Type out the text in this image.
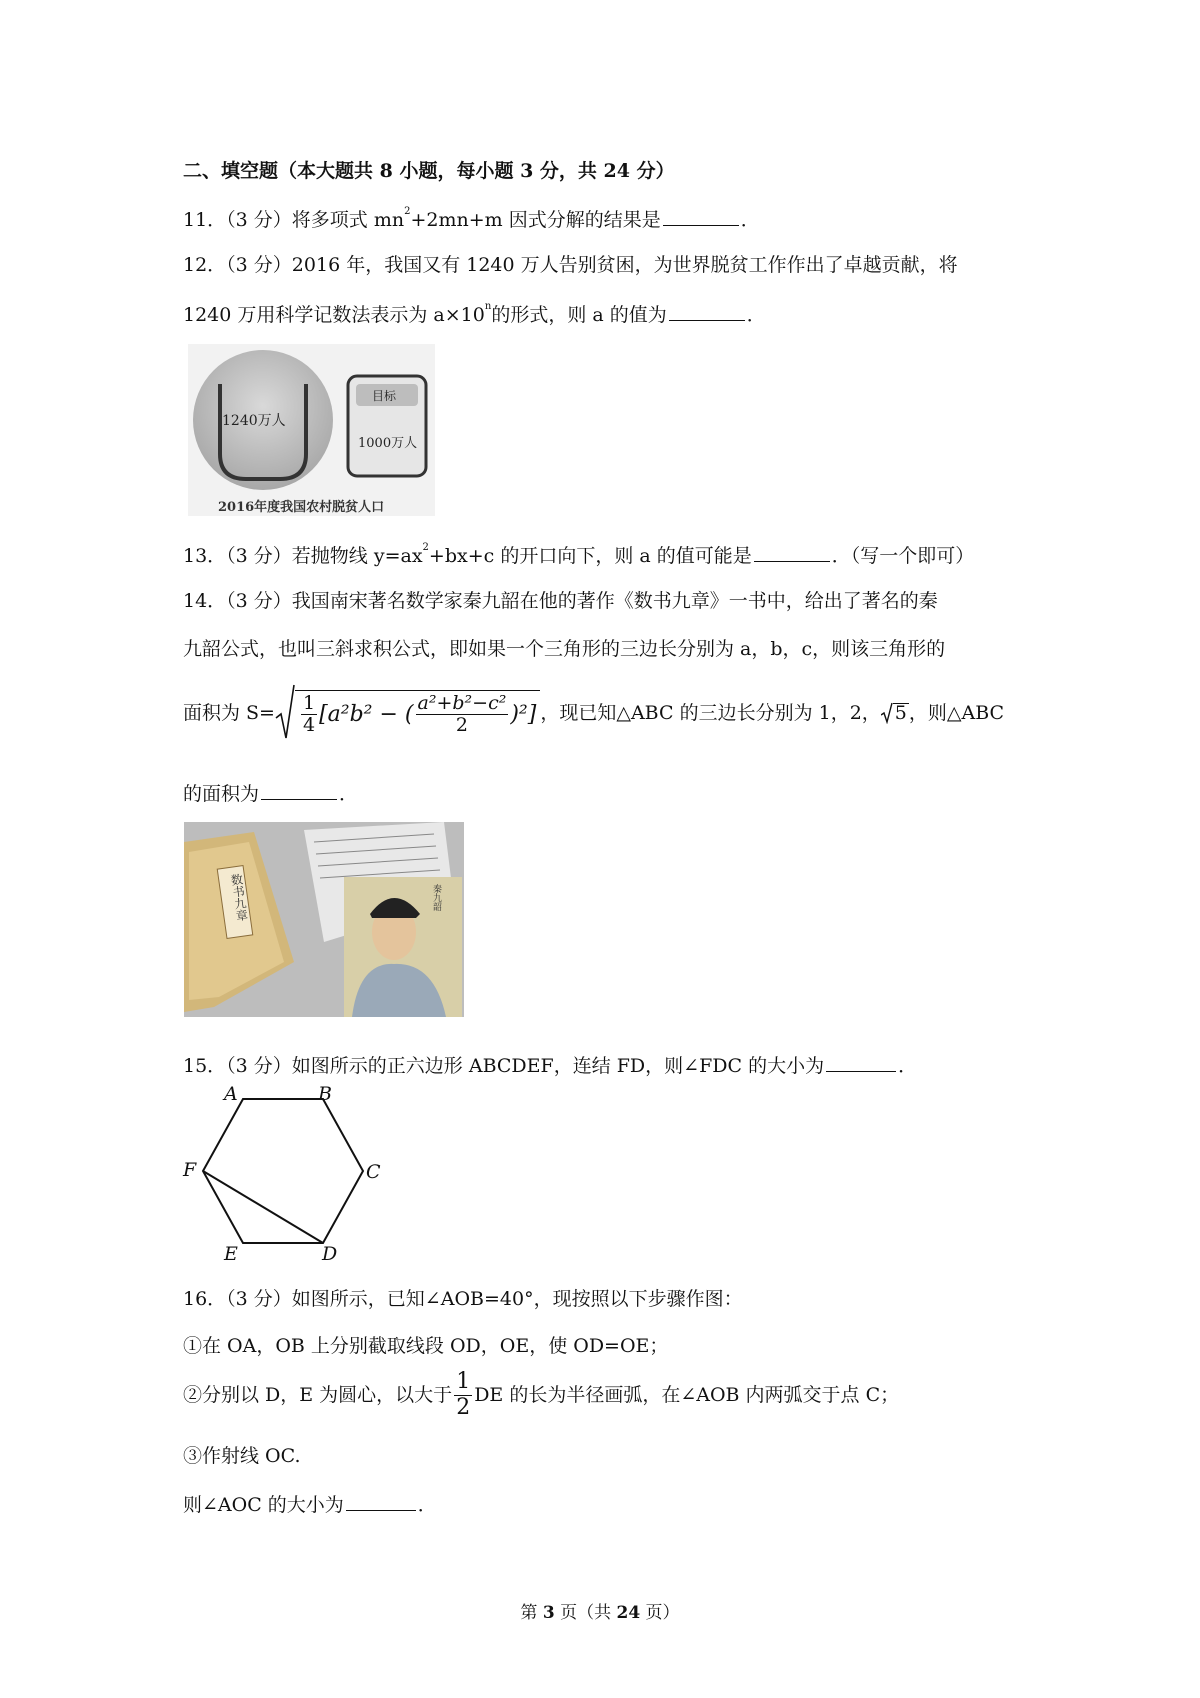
二、填空题（本大题共 8 小题，每小题 3 分，共 24 分）
11．（3 分）将多项式 $mn^2+2mn+m$ 因式分解的结果是	．
12．（3 分）2016 年，我国又有 1240 万人告别贫困，为世界脱贫工作作出了卓越贡献，将
1240 万用科学记数法表示为 $a\times 10^n$的形式，则 a 的值为	．
1240万人
目标
1000万人
2016年度我国农村脱贫人口
13．（3 分）若抛物线 $y=ax^2+bx+c$ 的开口向下，则 a 的值可能是	．（写一个即可）
14．（3 分）我国南宋著名数学家秦九韶在他的著作《数书九章》一书中，给出了著名的秦
九韶公式，也叫三斜求积公式，即如果一个三角形的三边长分别为 a，b，c，则该三角形的
面积为 $S= \frac{1}{4} [a^2b^2$ − ( $\frac{\text{a²+b²−c²}}{2} )^2$] ，现已知△ABC 的三边长分别为 1，2， 5 ，则△ABC
的面积为	．
数书九章	秦九韶
15．（3 分）如图所示的正六边形 ABCDEF，连结 FD，则∠FDC 的大小为	．
A	B
C
D
E
F
16．（3 分）如图所示，已知∠AOB=40°，现按照以下步骤作图：
①在 OA，OB 上分别截取线段 OD，OE，使 OD=OE；
②分别以 D，E 为圆心，以大于 $\frac{1}{2}$ DE 的长为半径画弧，在∠AOB 内两弧交于点 C；
③作射线 OC.
则∠AOC 的大小为	．
第 3 页（共 24 页）
